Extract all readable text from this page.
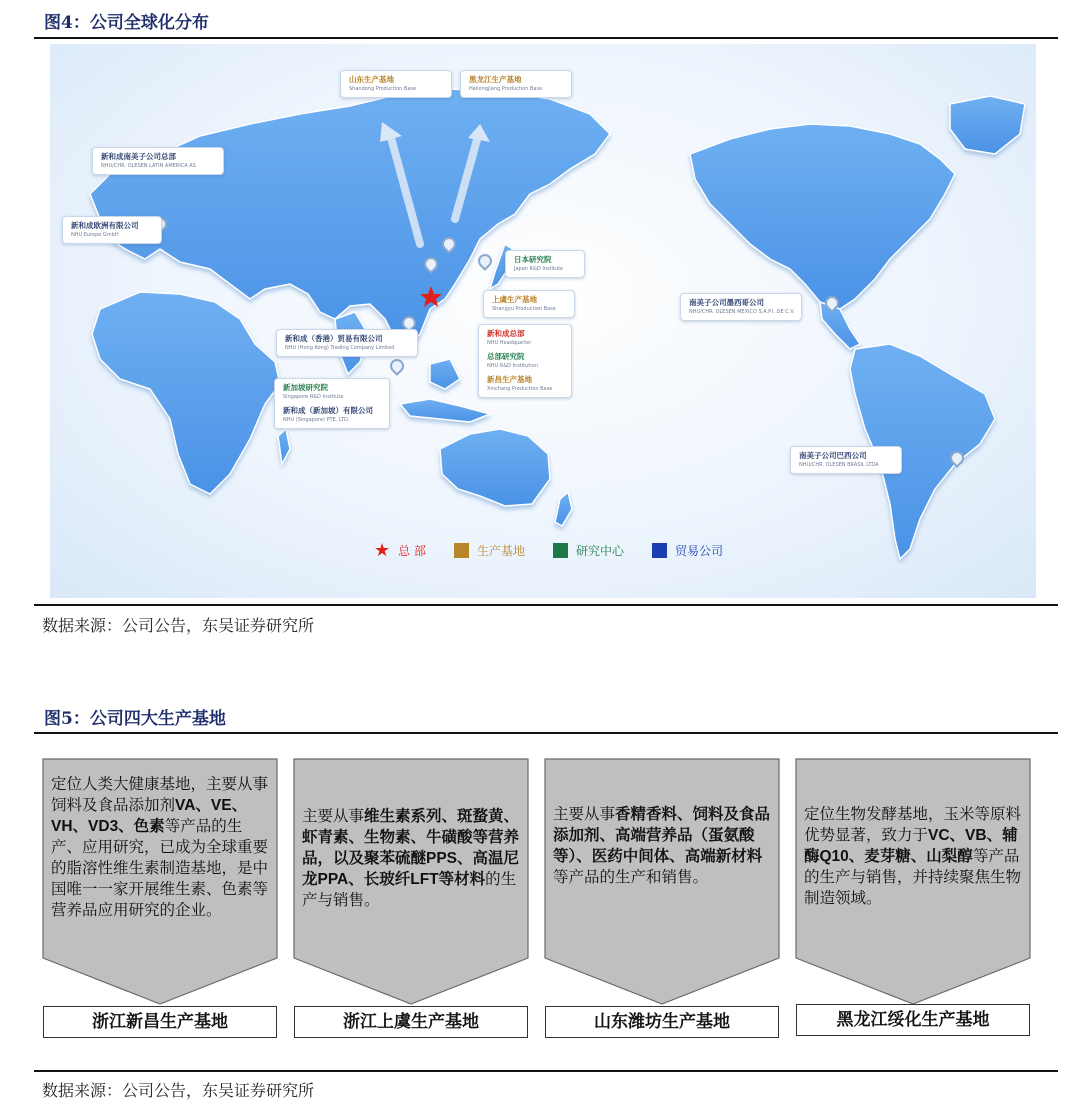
图4：公司全球化分布
山东生产基地
Shandong Production Base
黑龙江生产基地
Heilongjiang Production Base
新和成南美子公司总部
NHU/CHR. OLESEN LATIN AMERICA AS
新和成欧洲有限公司
NHU Europe GmbH
日本研究院
Japan R&D Institute
上虞生产基地
Shangyu Production Base
新和成（香港）贸易有限公司
NHU (Hong Kong) Trading Company Limited
新和成总部
NHU Headquarter
总部研究院
NHU R&D Institution
新昌生产基地
Xinchang Production Base
新加坡研究院
Singapore R&D Institute
新和成（新加坡）有限公司
NHU (Singapore) PTE. LTD.
南美子公司墨西哥公司
NHU/CHR. OLESEN MEXICO S.A.P.I. DE C.V.
南美子公司巴西公司
NHU/CHR. OLESEN BRASIL LTDA
★ 总 部	生产基地	研究中心	贸易公司
数据来源：公司公告，东吴证券研究所
图5：公司四大生产基地
定位人类大健康基地，主要从事饲料及食品添加剂VA、VE、VH、VD3、色素等产品的生产、应用研究，已成为全球重要的脂溶性维生素制造基地，是中国唯一一家开展维生素、色素等营养品应用研究的企业。
主要从事维生素系列、斑蝥黄、虾青素、生物素、牛磺酸等营养品，以及聚苯硫醚PPS、高温尼龙PPA、长玻纤LFT等材料的生产与销售。
主要从事香精香料、饲料及食品添加剂、高端营养品（蛋氨酸等）、医药中间体、高端新材料等产品的生产和销售。
定位生物发酵基地，玉米等原料优势显著，致力于VC、VB、辅酶Q10、麦芽糖、山梨醇等产品的生产与销售，并持续聚焦生物制造领域。
浙江新昌生产基地	浙江上虞生产基地	山东潍坊生产基地	黑龙江绥化生产基地
数据来源：公司公告，东吴证券研究所
